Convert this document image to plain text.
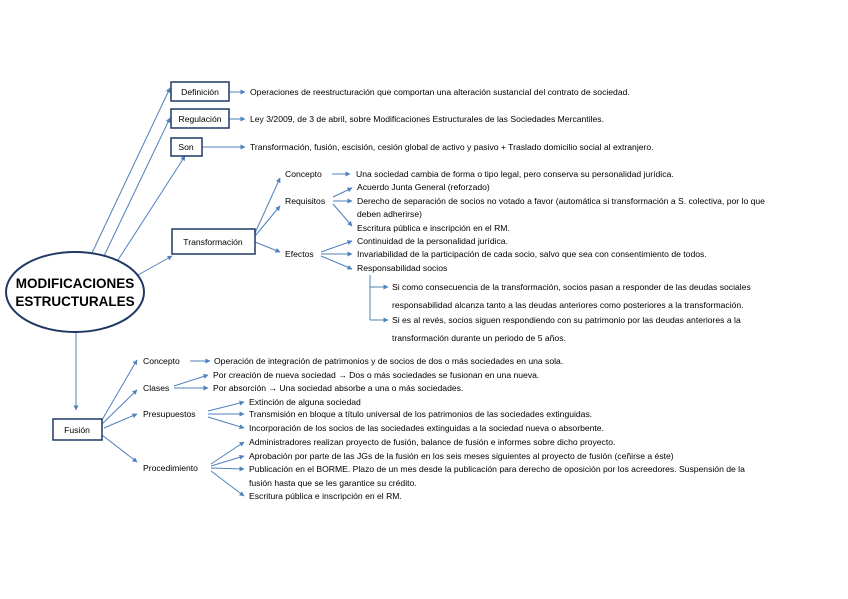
MODIFICACIONES
ESTRUCTURALES
Definición	Operaciones de reestructuración que comportan una alteración sustancial del contrato de sociedad.
Regulación	Ley 3/2009, de 3 de abril, sobre Modificaciones Estructurales de las Sociedades Mercantiles.
Son	Transformación, fusión, escisión, cesión global de activo y pasivo + Traslado domicilio social al extranjero.
Transformación
Concepto	Una sociedad cambia de forma o tipo legal, pero conserva su personalidad jurídica.
Requisitos
Acuerdo Junta General (reforzado)
Derecho de separación de socios no votado a favor (automática si transformación a S. colectiva, por lo que
deben adherirse)
Escritura pública e inscripción en el RM.
Efectos
Continuidad de la personalidad jurídica.
Invariabilidad de la participación de cada socio, salvo que sea con consentimiento de todos.
Responsabilidad socios
Si como consecuencia de la transformación, socios pasan a responder de las deudas sociales
responsabilidad alcanza tanto a las deudas anteriores como posteriores a la transformación.
Si es al revés, socios siguen respondiendo con su patrimonio por las deudas anteriores a la
transformación durante un periodo de 5 años.
Fusión
Concepto	Operación de integración de patrimonios y de socios de dos o más sociedades en una sola.
Clases
Por creación de nueva sociedad → Dos o más sociedades se fusionan en una nueva.
Por absorción → Una sociedad absorbe a una o más sociedades.
Presupuestos
Extinción de alguna sociedad
Transmisión en bloque a título universal de los patrimonios de las sociedades extinguidas.
Incorporación de los socios de las sociedades extinguidas a la sociedad nueva o absorbente.
Procedimiento
Administradores realizan proyecto de fusión, balance de fusión e informes sobre dicho proyecto.
Aprobación por parte de las JGs de la fusión en los seis meses siguientes al proyecto de fusión (ceñirse a éste)
Publicación en el BORME. Plazo de un mes desde la publicación para derecho de oposición por los acreedores. Suspensión de la
fusión hasta que se les garantice su crédito.
Escritura pública e inscripción en el RM.
